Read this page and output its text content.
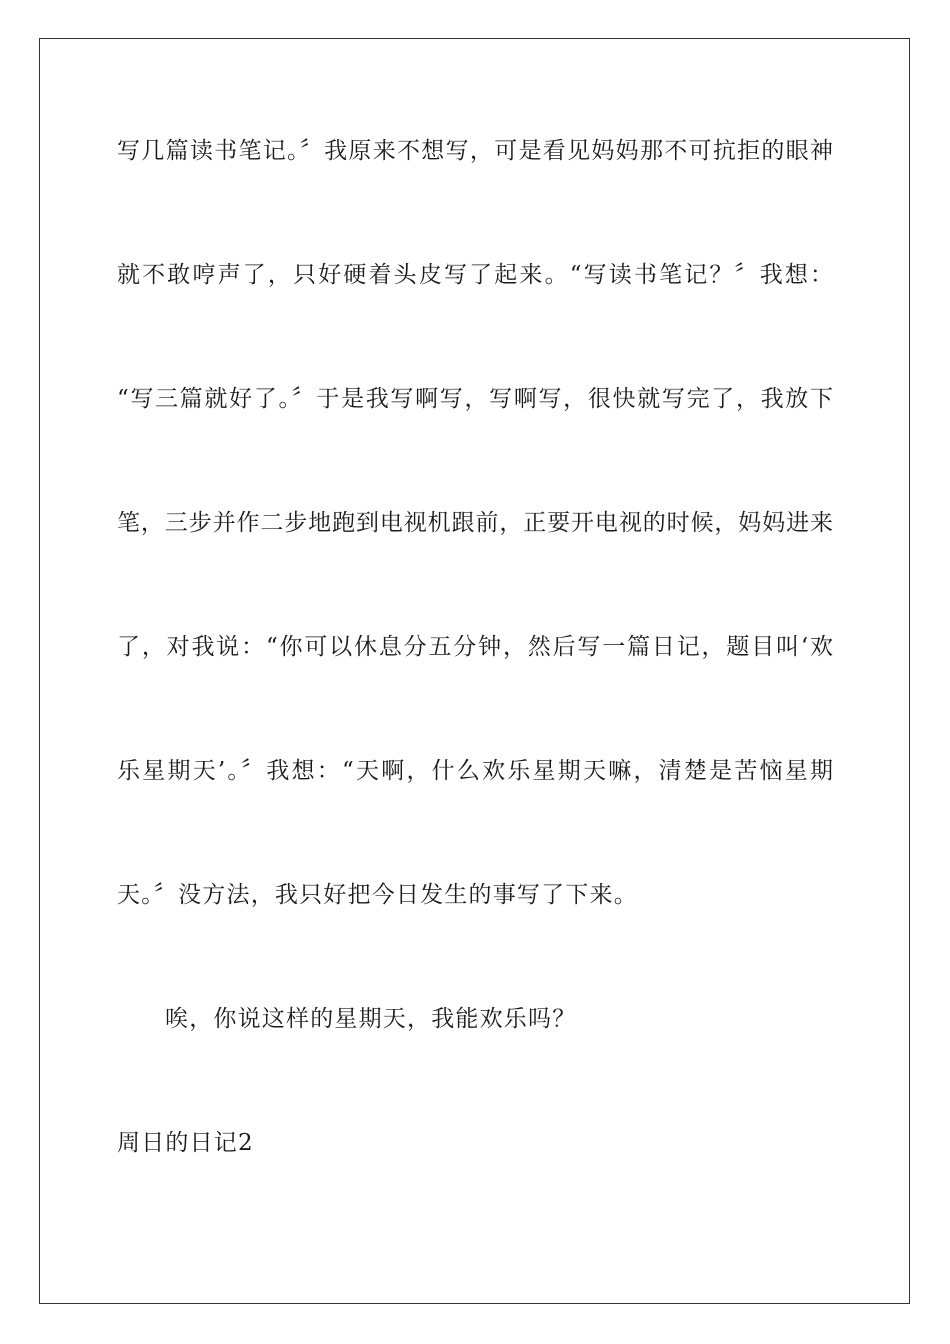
写几篇读书笔记。〞我原来不想写，可是看见妈妈那不可抗拒的眼神
就不敢哼声了，只好硬着头皮写了起来。“写读书笔记？〞我想：
“写三篇就好了。〞于是我写啊写，写啊写，很快就写完了，我放下
笔，三步并作二步地跑到电视机跟前，正要开电视的时候，妈妈进来
了，对我说：“你可以休息分五分钟，然后写一篇日记，题目叫‘欢
乐星期天’。〞我想：“天啊，什么欢乐星期天嘛，清楚是苦恼星期
天。〞没方法，我只好把今日发生的事写了下来。
唉，你说这样的星期天，我能欢乐吗？
周日的日记2
